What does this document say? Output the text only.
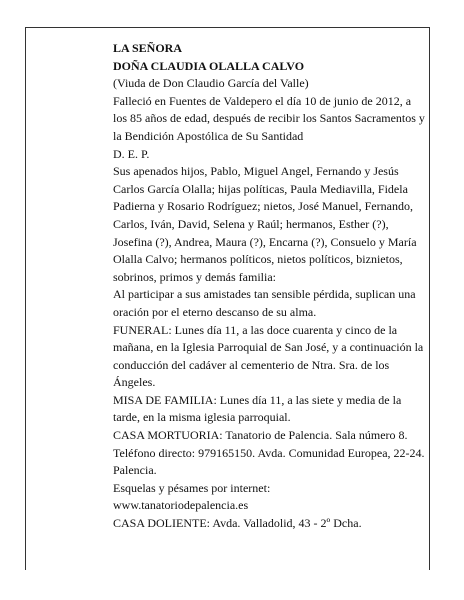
LA SEÑORA

DOÑA CLAUDIA OLALLA CALVO

(Viuda de Don Claudio García del Valle)

Falleció en Fuentes de Valdepero el día 10 de junio de 2012, a los 85 años de edad, después de recibir los Santos Sacramentos y la Bendición Apostólica de Su Santidad

D. E. P.

Sus apenados hijos, Pablo, Miguel Angel, Fernando y Jesús Carlos García Olalla; hijas políticas, Paula Mediavilla, Fidela Padierna y Rosario Rodríguez; nietos, José Manuel, Fernando, Carlos, Iván, David, Selena y Raúl; hermanos, Esther (?), Josefina (?), Andrea, Maura (?), Encarna (?), Consuelo y María Olalla Calvo; hermanos políticos, nietos políticos, biznietos, sobrinos, primos y demás familia:

Al participar a sus amistades tan sensible pérdida, suplican una oración por el eterno descanso de su alma.

FUNERAL: Lunes día 11, a las doce cuarenta y cinco de la mañana, en la Iglesia Parroquial de San José, y a continuación la conducción del cadáver al cementerio de Ntra. Sra. de los Ángeles.

MISA DE FAMILIA: Lunes día 11, a las siete y media de la tarde, en la misma iglesia parroquial.

CASA MORTUORIA: Tanatorio de Palencia. Sala número 8. Teléfono directo: 979165150. Avda. Comunidad Europea, 22-24. Palencia.

Esquelas y pésames por internet:

www.tanatoriodepalencia.es

CASA DOLIENTE: Avda. Valladolid, 43 - 2º Dcha.
